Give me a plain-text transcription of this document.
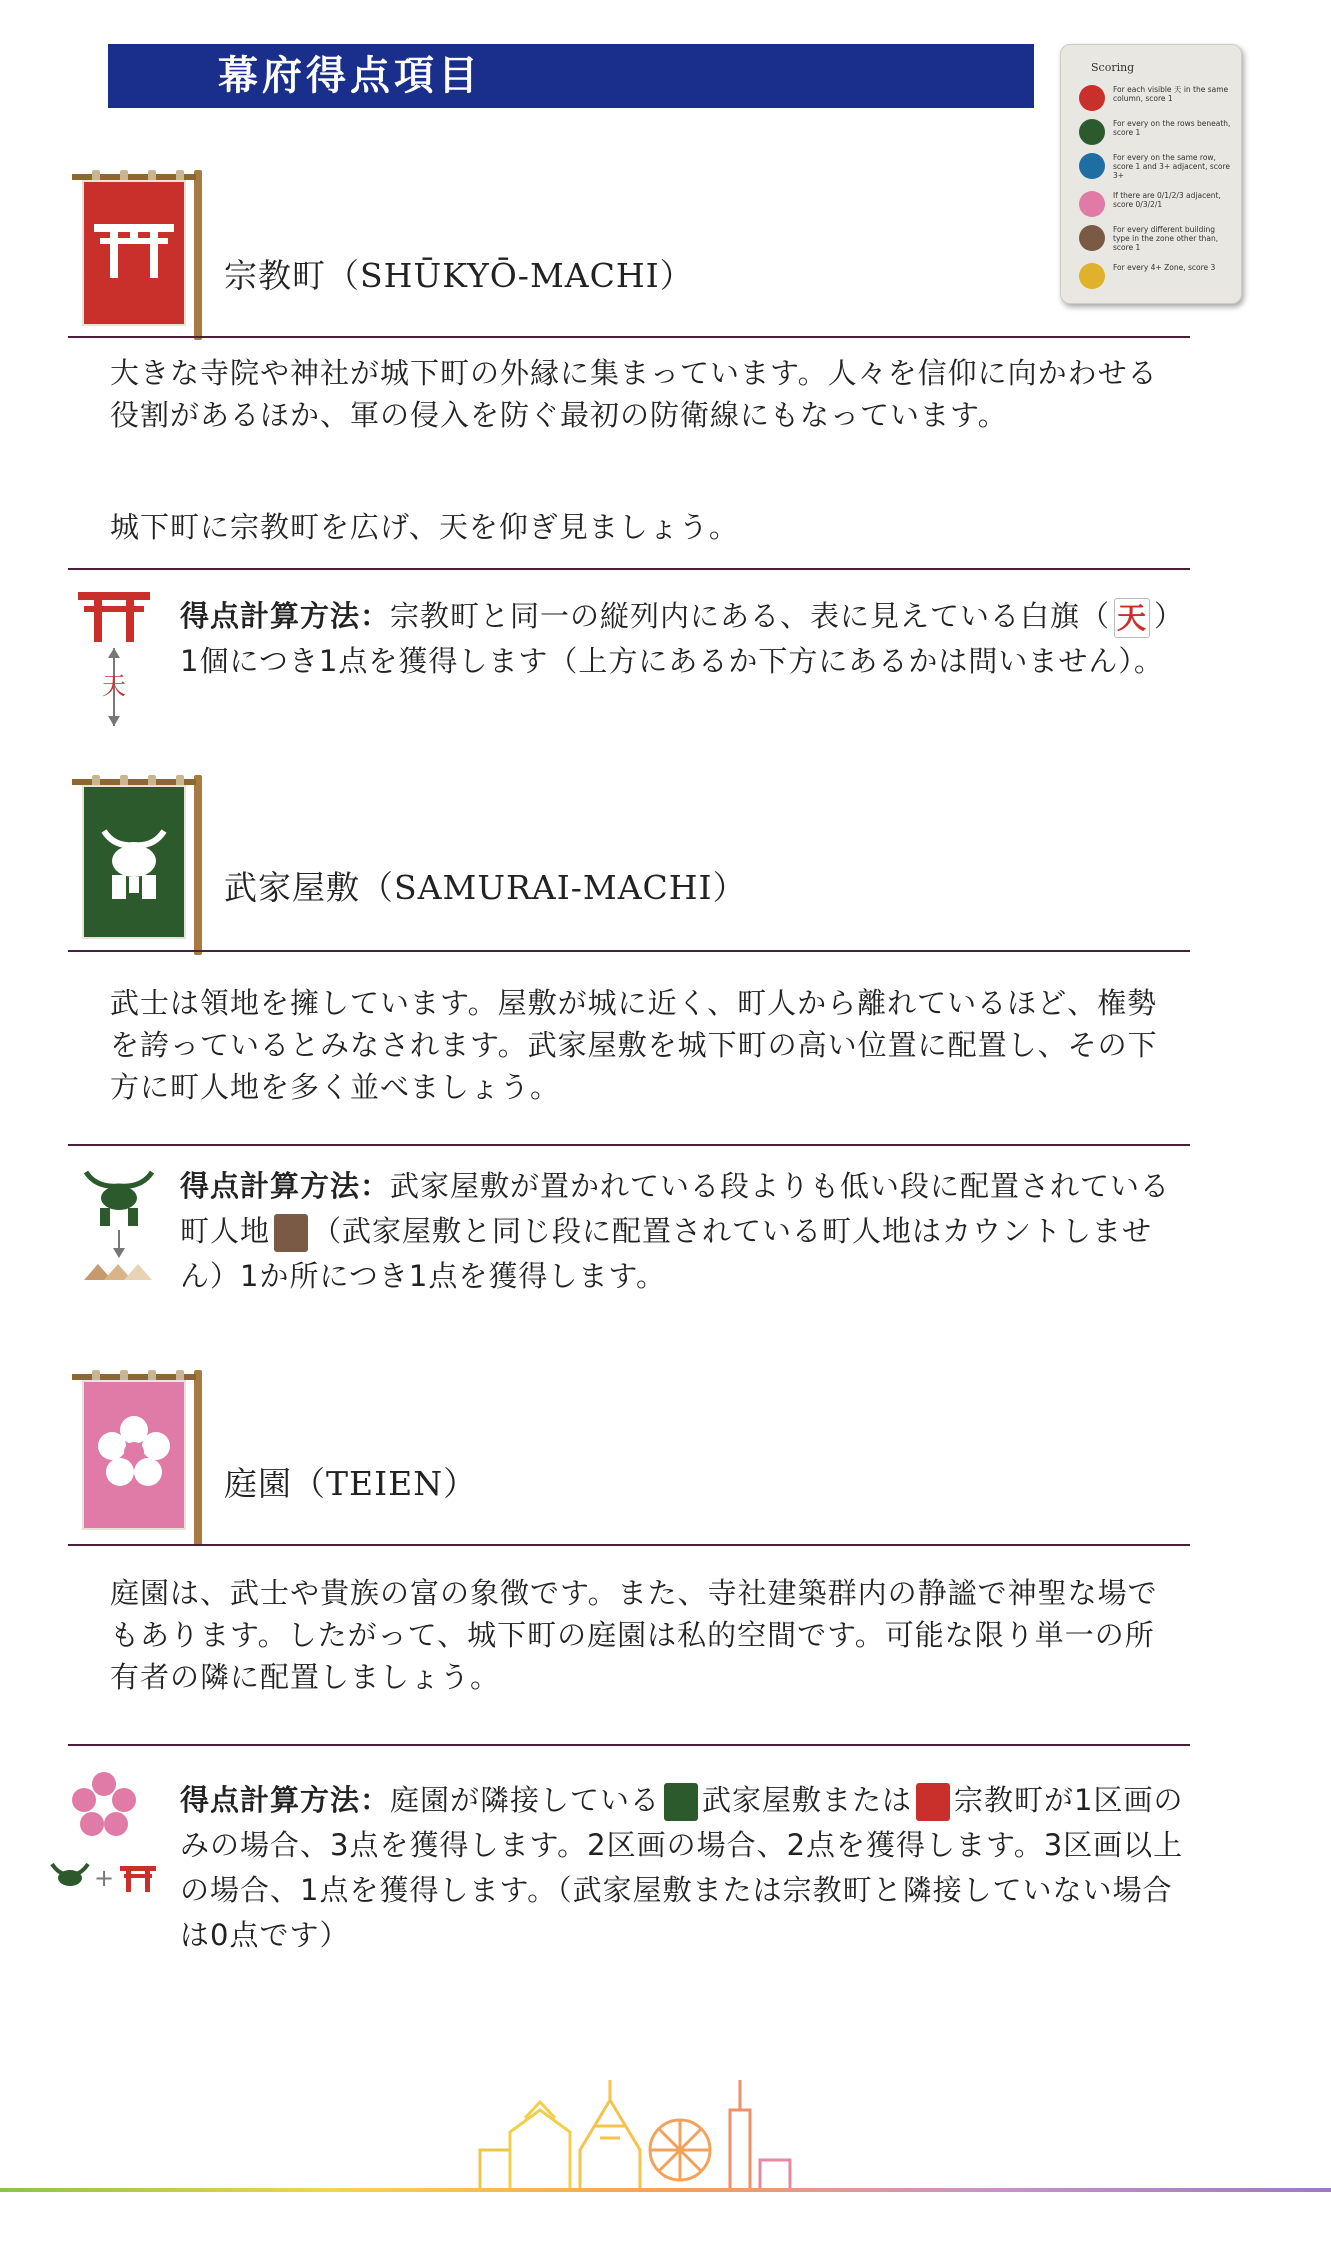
幕府得点項目	Scoring
For each visible 天 in the same column, score 1
For every on the rows beneath, score 1
For every on the same row, score 1 and 3+ adjacent, score 3+
If there are 0/1/2/3 adjacent, score 0/3/2/1
For every different building type in the zone other than, score 1
For every 4+ Zone, score 3
宗教町（SHŪKYŌ-MACHI）
大きな寺院や神社が城下町の外縁に集まっています。人々を信仰に向かわせる役割があるほか、軍の侵入を防ぐ最初の防衛線にもなっています。
城下町に宗教町を広げ、天を仰ぎ見ましょう。
天
得点計算方法：宗教町と同一の縦列内にある、表に見えている白旗（ 天 ）1個につき1点を獲得します（上方にあるか下方にあるかは問いません）。
武家屋敷（SAMURAI-MACHI）
武士は領地を擁しています。屋敷が城に近く、町人から離れているほど、権勢を誇っているとみなされます。武家屋敷を城下町の高い位置に配置し、その下方に町人地を多く並べましょう。
得点計算方法：武家屋敷が置かれている段よりも低い段に配置されている町人地 （武家屋敷と同じ段に配置されている町人地はカウントしません）1か所につき1点を獲得します。
庭園（TEIEN）
庭園は、武士や貴族の富の象徴です。また、寺社建築群内の静謐で神聖な場でもあります。したがって、城下町の庭園は私的空間です。可能な限り単一の所有者の隣に配置しましょう。
+
得点計算方法：庭園が隣接している 武家屋敷または 宗教町が1区画のみの場合、3点を獲得します。2区画の場合、2点を獲得します。3区画以上の場合、1点を獲得します。（武家屋敷または宗教町と隣接していない場合は0点です）
